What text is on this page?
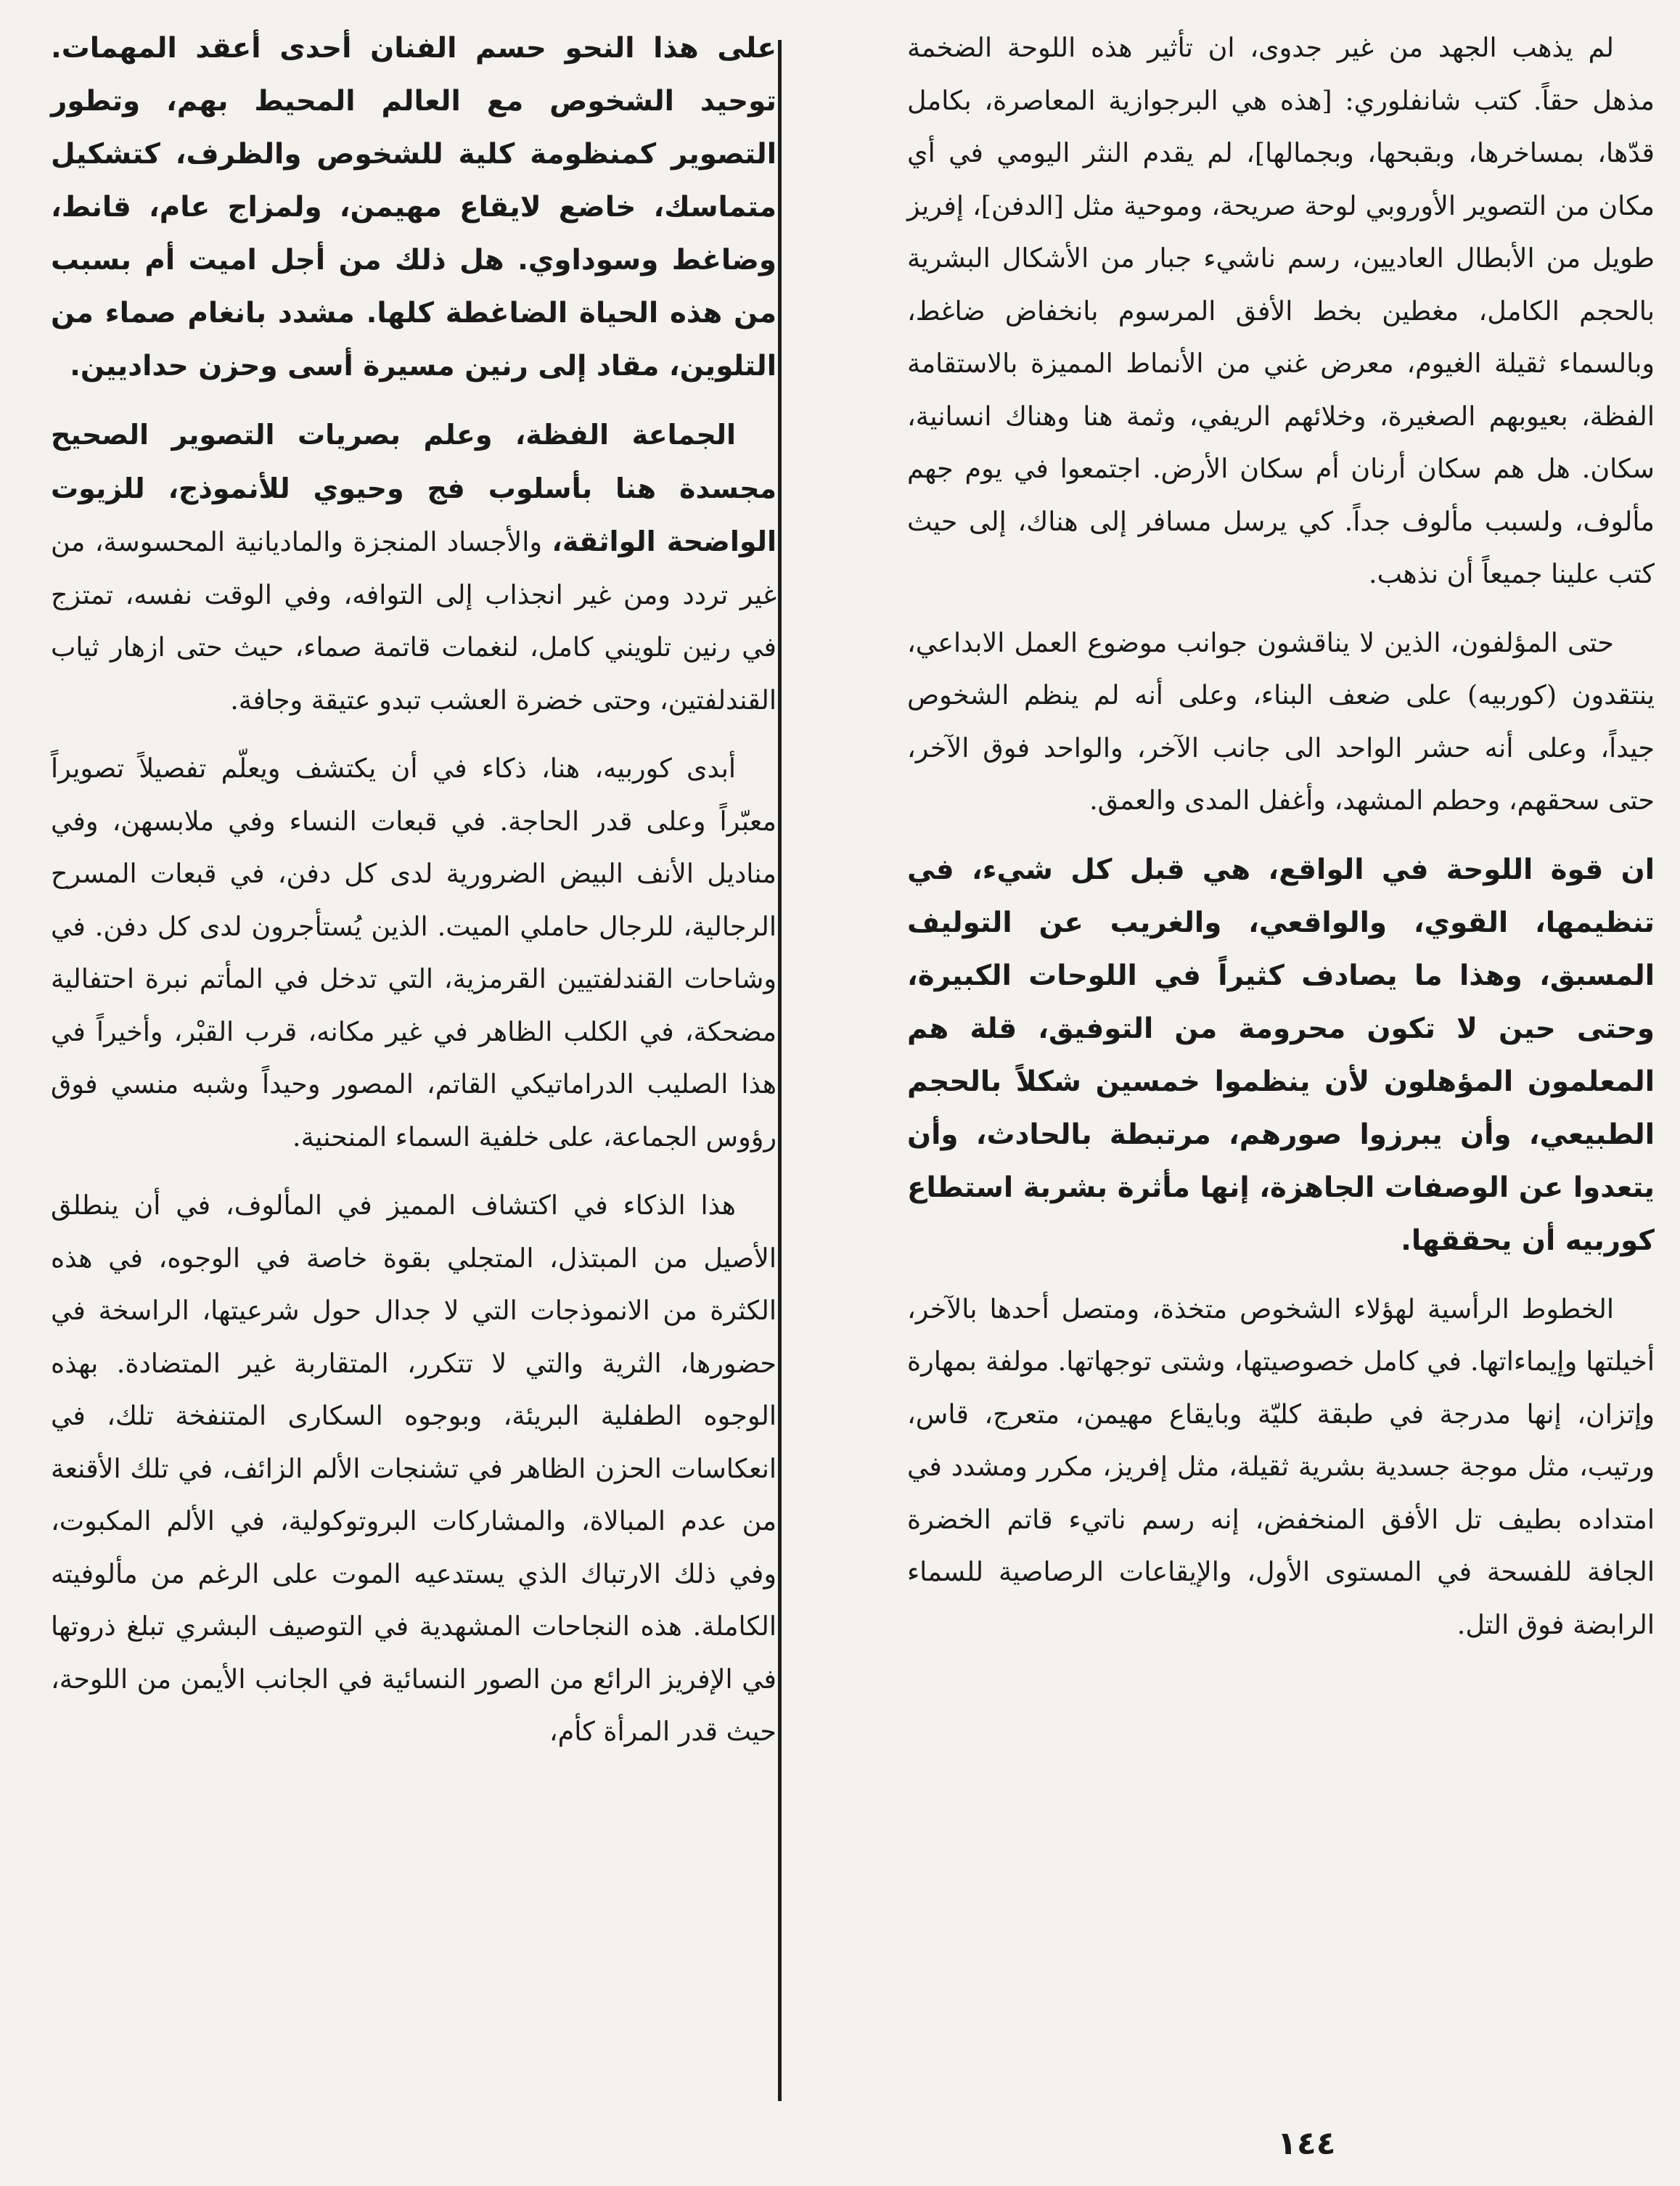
لم يذهب الجهد من غير جدوى، ان تأثير هذه اللوحة الضخمة مذهل حقاً. كتب شانفلوري: [هذه هي البرجوازية المعاصرة، بكامل قدّها، بمساخرها، وبقبحها، وبجمالها]، لم يقدم النثر اليومي في أي مكان من التصوير الأوروبي لوحة صريحة، وموحية مثل [الدفن]، إفريز طويل من الأبطال العاديين، رسم ناشيء جبار من الأشكال البشرية بالحجم الكامل، مغطين بخط الأفق المرسوم بانخفاض ضاغط، وبالسماء ثقيلة الغيوم، معرض غني من الأنماط المميزة بالاستقامة الفظة، بعيوبهم الصغيرة، وخلائهم الريفي، وثمة هنا وهناك انسانية، سكان. هل هم سكان أرنان أم سكان الأرض. اجتمعوا في يوم جهم مألوف، ولسبب مألوف جداً. كي يرسل مسافر إلى هناك، إلى حيث كتب علينا جميعاً أن نذهب.

حتى المؤلفون، الذين لا يناقشون جوانب موضوع العمل الابداعي، ينتقدون (كوربيه) على ضعف البناء، وعلى أنه لم ينظم الشخوص جيداً، وعلى أنه حشر الواحد الى جانب الآخر، والواحد فوق الآخر، حتى سحقهم، وحطم المشهد، وأغفل المدى والعمق.

ان قوة اللوحة في الواقع، هي قبل كل شيء، في تنظيمها، القوي، والواقعي، والغريب عن التوليف المسبق، وهذا ما يصادف كثيراً في اللوحات الكبيرة، وحتى حين لا تكون محرومة من التوفيق، قلة هم المعلمون المؤهلون لأن ينظموا خمسين شكلاً بالحجم الطبيعي، وأن يبرزوا صورهم، مرتبطة بالحادث، وأن يتعدوا عن الوصفات الجاهزة، إنها مأثرة بشربة استطاع كوربيه أن يحققها.

الخطوط الرأسية لهؤلاء الشخوص متخذة، ومتصل أحدها بالآخر، أخيلتها وإيماءاتها. في كامل خصوصيتها، وشتى توجهاتها. مولفة بمهارة وإتزان، إنها مدرجة في طبقة كليّة وبايقاع مهيمن، متعرج، قاس، ورتيب، مثل موجة جسدية بشرية ثقيلة، مثل إفريز، مكرر ومشدد في امتداده بطيف تل الأفق المنخفض، إنه رسم ناتيء قاتم الخضرة الجافة للفسحة في المستوى الأول، والإيقاعات الرصاصية للسماء الرابضة فوق التل.

على هذا النحو حسم الفنان أحدى أعقد المهمات. توحيد الشخوص مع العالم المحيط بهم، وتطور التصوير كمنظومة كلية للشخوص والظرف، كتشكيل متماسك، خاضع لايقاع مهيمن، ولمزاج عام، قانط، وضاغط وسوداوي. هل ذلك من أجل اميت أم بسبب من هذه الحياة الضاغطة كلها. مشدد بانغام صماء من التلوين، مقاد إلى رنين مسيرة أسى وحزن حداديين.

الجماعة الفظة، وعلم بصريات التصوير الصحيح مجسدة هنا بأسلوب فج وحيوي للأنموذج، للزيوت الواضحة الواثقة، والأجساد المنجزة والمادیانية المحسوسة، من غير تردد ومن غير انجذاب إلى التوافه، وفي الوقت نفسه، تمتزج في رنين تلويني كامل، لنغمات قاتمة صماء، حيث حتى ازهار ثياب القندلفتين، وحتى خضرة العشب تبدو عتيقة وجافة.

أبدى كوربيه، هنا، ذكاء في أن يكتشف ويعلّم تفصيلاً تصويراً معبّراً وعلى قدر الحاجة. في قبعات النساء وفي ملابسهن، وفي مناديل الأنف البيض الضرورية لدى كل دفن، في قبعات المسرح الرجالية، للرجال حاملي الميت. الذين يُستأجرون لدى كل دفن. في وشاحات القندلفتيين القرمزية، التي تدخل في المأتم نبرة احتفالية مضحكة، في الكلب الظاهر في غير مكانه، قرب القبْر، وأخيراً في هذا الصليب الدراماتيكي القاتم، المصور وحيداً وشبه منسي فوق رؤوس الجماعة، على خلفية السماء المنحنية.

هذا الذكاء في اكتشاف المميز في المألوف، في أن ينطلق الأصيل من المبتذل، المتجلي بقوة خاصة في الوجوه، في هذه الكثرة من الانموذجات التي لا جدال حول شرعيتها، الراسخة في حضورها، الثرية والتي لا تتكرر، المتقاربة غير المتضادة. بهذه الوجوه الطفلية البريئة، وبوجوه السكارى المتنفخة تلك، في انعكاسات الحزن الظاهر في تشنجات الألم الزائف، في تلك الأقنعة من عدم المبالاة، والمشاركات البروتوكولية، في الألم المكبوت، وفي ذلك الارتباك الذي يستدعيه الموت على الرغم من مألوفيته الكاملة. هذه النجاحات المشهدية في التوصيف البشري تبلغ ذروتها في الإفريز الرائع من الصور النسائية في الجانب الأيمن من اللوحة، حيث قدر المرأة كأم،

١٤٤
